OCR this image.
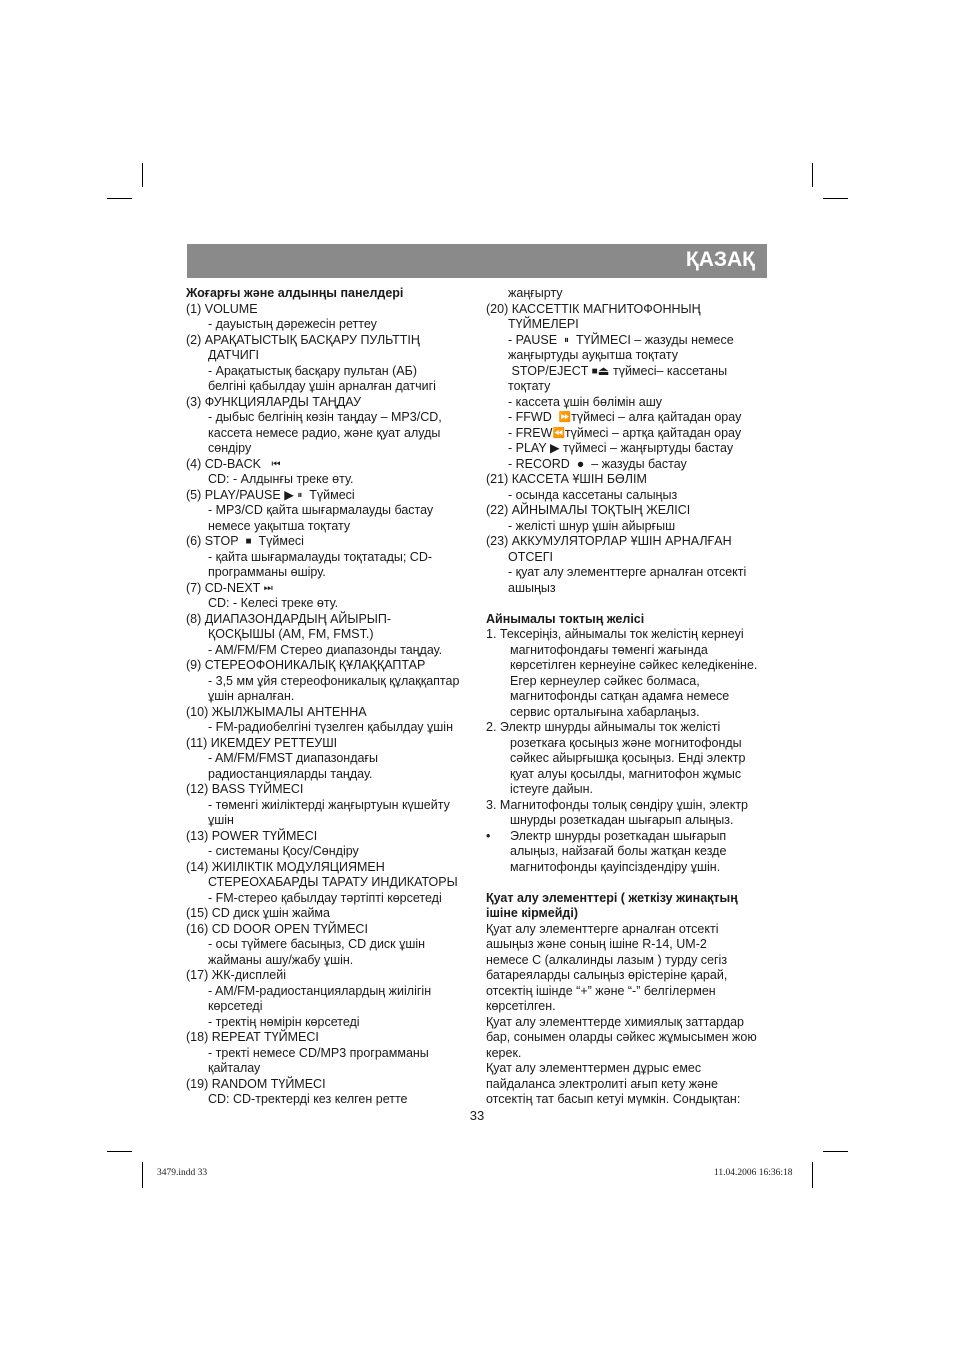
ҚАЗАҚ
Жоғарғы және алдынңы панелдері
(1) VOLUME
- дауыстың дәрежесін реттеу
(2) АРАҚАТЫСТЫҚ БАСҚАРУ ПУЛЬТТІҢ
ДАТЧИГІ
- Арақатыстық басқару пультан (АБ)
белгіні қабылдау ұшін арналған датчигі
(3) ФУНКЦИЯЛАРДЫ ТАҢДАУ
- дыбыс белгінің көзін таңдау – MP3/CD,
кассета немесе радио, және қуат алуды
сөндіру
(4) CD-BACK ⏮
CD: - Алдынғы треке өту.
(5) PLAY/PAUSE ▶ ⏸ Түймесі
- MP3/CD қайта шығармалауды бастау
немесе уақытша тоқтату
(6) STOP ■ Түймесі
- қайта шығармалауды тоқтатады; CD-
программаны өшіру.
(7) CD-NEXT ⏭
CD: - Келесі треке өту.
(8) ДИАПАЗОНДАРДЫҢ АЙЫРЫП-
ҚОСҚЫШЫ (AM, FM, FMST.)
- AM/FM/FM Стерео диапазонды таңдау.
(9) СТЕРЕОФОНИКАЛЫҚ ҚҰЛАҚҚАПТАР
- 3,5 мм ұйя стереофоникалық құлаққаптар
ұшін арналған.
(10) ЖЫЛЖЫМАЛЫ АНТЕННА
- FM-радиобелгіні түзелген қабылдау ұшін
(11) ИКЕМДЕУ РЕТТЕУШІ
- AM/FM/FMST диапазондағы
радиостанцияларды таңдау.
(12) BASS ТҮЙМЕСІ
- төменгі жиіліктерді жаңғыртуын күшейту
ұшін
(13) POWER ТҮЙМЕСІ
- системаны Қосу/Сөндіру
(14) ЖИІЛІКТІК МОДУЛЯЦИЯМЕН
СТЕРЕОХАБАРДЫ ТАРАТУ ИНДИКАТОРЫ
- FM-стерео қабылдау тәртіпті көрсетеді
(15) CD диск ұшін жайма
(16) CD DOOR OPEN ТҮЙМЕСІ
- осы түймеге басыңыз, CD диск ұшін
жайманы ашу/жабу ұшін.
(17) ЖК-дисплейі
- AM/FM-радиостанциялардың жиілігін
көрсетеді
- тректің нөмірін көрсетеді
(18) REPEAT ТҮЙМЕСІ
- тректі немесе CD/MP3 программаны
қайталау
(19) RANDOM ТҮЙМЕСІ
CD: CD-тректерді кез келген ретте
жаңғырту
(20) КАССЕТТІК МАГНИТОФОННЫҢ
ТҮЙМЕЛЕРІ
- PAUSE ⏸ ТҮЙМЕСІ – жазуды немесе
жаңғыртуды ауқытша тоқтату
STOP/EJECT ■⏏ түймесі– кассетаны
тоқтату
- кассета ұшін бөлімін ашу
- FFWD ⏩түймесі – алға қайтадан орау
- FREW⏪түймесі – артқа қайтадан орау
- PLAY ▶ түймесі – жаңғыртуды бастау
- RECORD ● – жазуды бастау
(21) КАССЕТА ҰШІН БӨЛІМ
- осында кассетаны салыңыз
(22) АЙНЫМАЛЫ ТОҚТЫҢ ЖЕЛІСІ
- желісті шнур ұшін айырғыш
(23) АККУМУЛЯТОРЛАР ҰШІН АРНАЛҒАН
ОТСЕГІ
- қуат алу элементтерге арналған отсекті
ашыңыз
Айнымалы токтың желісі
1. Тексеріңіз, айнымалы ток желістің кернеуі
магнитофондағы төменгі жағында
көрсетілген кернеуіне сәйкес келедікеніне.
Егер кернеулер сәйкес болмаса,
магнитофонды сатқан адамға немесе
сервис орталығына хабарлаңыз.
2. Электр шнурды айнымалы ток желісті
розеткаға қосыңыз және могнитофонды
сәйкес айырғышқа қосыңыз. Енді электр
қуат алуы қосылды, магнитофон жұмыс
істеуге дайын.
3. Магнитофонды толық сөндіру ұшін, электр
шнурды розеткадан шығарып алыңыз.
• Электр шнурды розеткадан шығарып
алыңыз, найзағай болы жатқан кезде
магнитофонды қауіпсіздендіру ұшін.
Қуат алу элементтері ( жеткізу жинақтың
ішіне кірмейді)
Қуат алу элементтерге арналған отсекті
ашыңыз және соның ішіне R-14, UM-2
немесе С (алкалинды лазым ) турду сегіз
батареяларды салыңыз өрістеріне қарай,
отсектің ішінде “+” және “-” белгілермен
көрсетілген.
Қуат алу элементтерде химиялық заттардар
бар, сонымен оларды сәйкес жұмысымен жою
керек.
Қуат алу элементтермен дұрыс емес
пайдаланса электролиті ағып кету және
отсектің тат басып кетуі мүмкін. Сондықтан:
33
3479.indd 33	11.04.2006 16:36:18
